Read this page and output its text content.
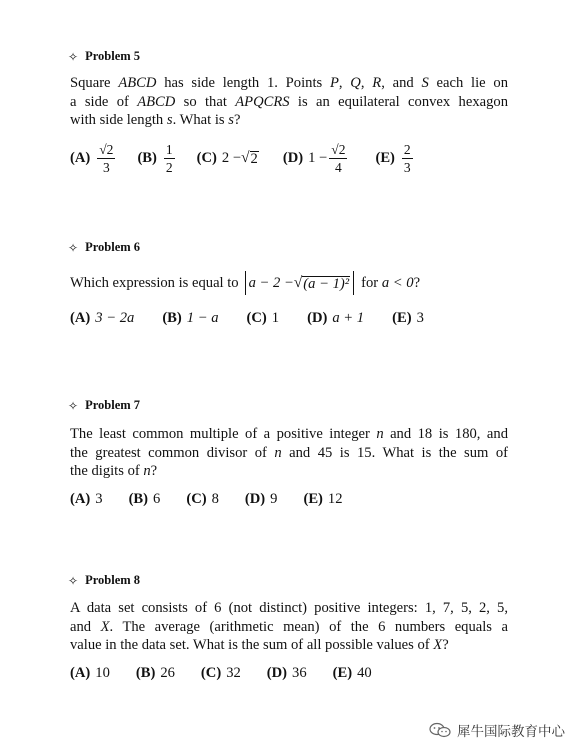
✧ Problem 5
Square ABCD has side length 1. Points P, Q, R, and S each lie on
a side of ABCD so that APQCRS is an equilateral convex hexagon
with side length s. What is s?
$(A) \frac{√2}{3} (B) \frac{1}{2} (C) 2$ − √ 2 (D) $1 - \frac{√2}{4} (E) \frac{2}{3}$
✧ Problem 6
Which expression is equal to a − 2 − √ (a − 1)² for
a < 0 ?
(A) 3 − 2a (B) 1 − a (C) 1 (D) a + 1 (E) 3
✧ Problem 7
The least common multiple of a positive integer n and 18 is 180, and
the greatest common divisor of n and 45 is 15. What is the sum of
the digits of n?
(A) 3 (B) 6 (C) 8 (D) 9 (E) 12
✧ Problem 8
A data set consists of 6 (not distinct) positive integers: 1, 7, 5, 2, 5,
and X. The average (arithmetic mean) of the 6 numbers equals a
value in the data set. What is the sum of all possible values of X?
(A) 10 (B) 26 (C) 32 (D) 36 (E) 40
犀牛国际教育中心
